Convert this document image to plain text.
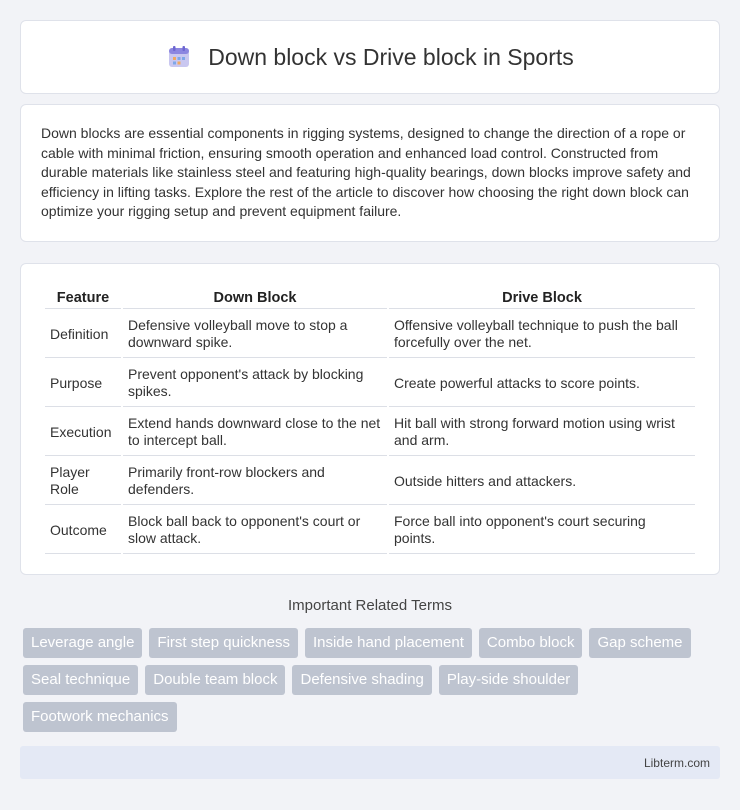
Down block vs Drive block in Sports

Down blocks are essential components in rigging systems, designed to change the direction of a rope or cable with minimal friction, ensuring smooth operation and enhanced load control. Constructed from durable materials like stainless steel and featuring high-quality bearings, down blocks improve safety and efficiency in lifting tasks. Explore the rest of the article to discover how choosing the right down block can optimize your rigging setup and prevent equipment failure.

Feature	Down Block	Drive Block
Definition	Defensive volleyball move to stop a downward spike.	Offensive volleyball technique to push the ball forcefully over the net.
Purpose	Prevent opponent's attack by blocking spikes.	Create powerful attacks to score points.
Execution	Extend hands downward close to the net to intercept ball.	Hit ball with strong forward motion using wrist and arm.
Player Role	Primarily front-row blockers and defenders.	Outside hitters and attackers.
Outcome	Block ball back to opponent's court or slow attack.	Force ball into opponent's court securing points.
Important Related Terms
Leverage angle	First step quickness	Inside hand placement	Combo block	Gap scheme
Seal technique	Double team block	Defensive shading	Play-side shoulder
Footwork mechanics
Libterm.com
